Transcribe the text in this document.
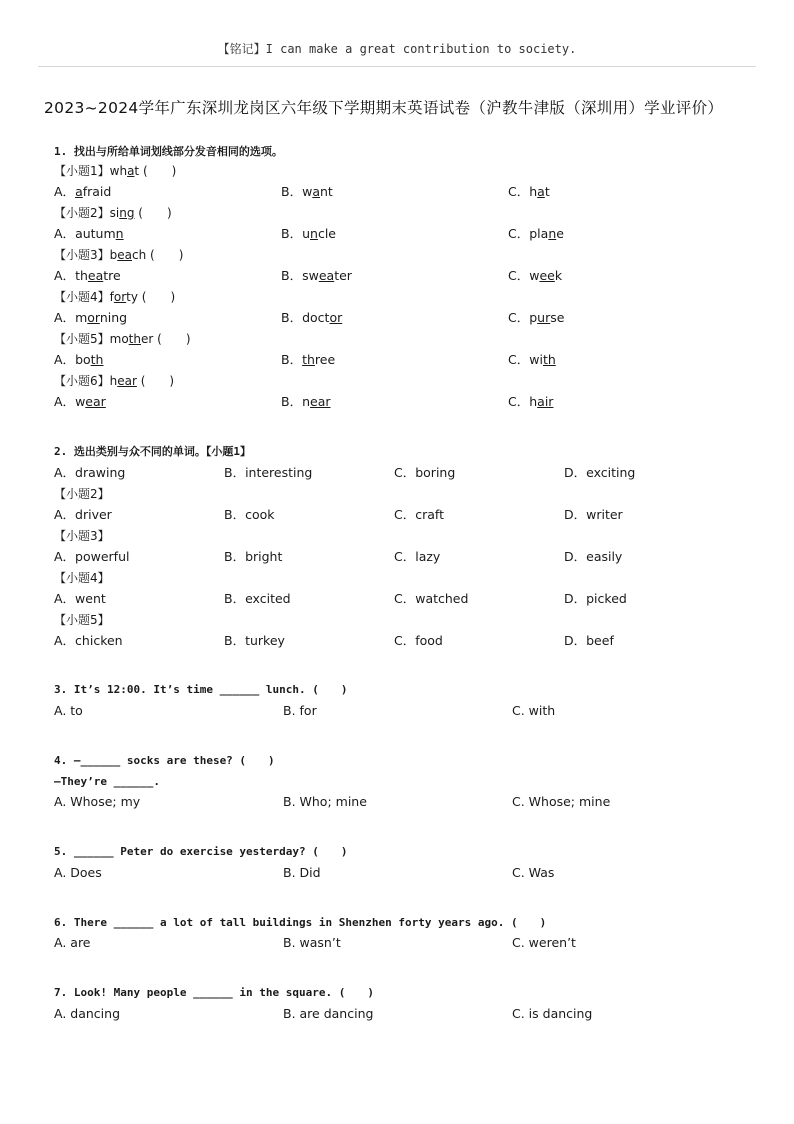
【铭记】I can make a great contribution to society.
2023~2024学年广东深圳龙岗区六年级下学期期末英语试卷（沪教牛津版（深圳用）学业评价）
1. 找出与所给单词划线部分发音相同的选项。
【小题1】what (　　)
A．afraid	B．want	C．hat
【小题2】sing (　　)
A．autumn	B．uncle	C．plane
【小题3】beach (　　)
A．theatre	B．sweater	C．week
【小题4】forty (　　)
A．morning	B．doctor	C．purse
【小题5】mother (　　)
A．both	B．three	C．with
【小题6】hear (　　)
A．wear	B．near	C．hair
2. 选出类别与众不同的单词。【小题1】
A．drawing	B．interesting	C．boring	D．exciting
【小题2】
A．driver	B．cook	C．craft	D．writer
【小题3】
A．powerful	B．bright	C．lazy	D．easily
【小题4】
A．went	B．excited	C．watched	D．picked
【小题5】
A．chicken	B．turkey	C．food	D．beef
3. It’s 12:00. It’s time ______ lunch. (　　)
A. to	B. for	C. with
4. —______ socks are these? (　　)
—They’re ______.
A. Whose; my	B. Who; mine	C. Whose; mine
5. ______ Peter do exercise yesterday? (　　)
A. Does	B. Did	C. Was
6. There ______ a lot of tall buildings in Shenzhen forty years ago. (　　)
A. are	B. wasn’t	C. weren’t
7. Look! Many people ______ in the square. (　　)
A. dancing	B. are dancing	C. is dancing
